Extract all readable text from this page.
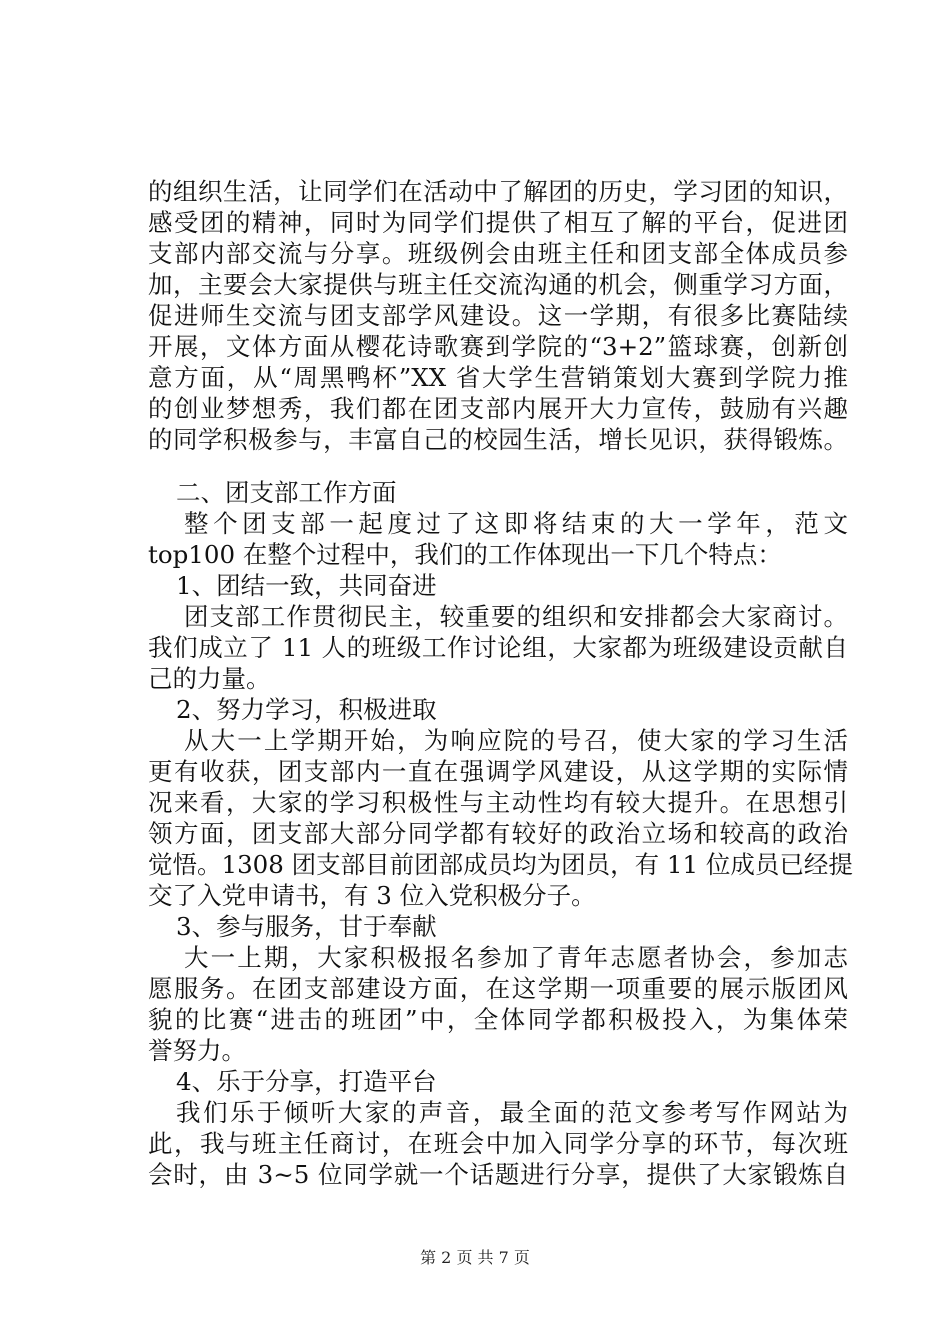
的组织生活，让同学们在活动中了解团的历史，学习团的知识，
感受团的精神，同时为同学们提供了相互了解的平台，促进团
支部内部交流与分享。班级例会由班主任和团支部全体成员参
加，主要会大家提供与班主任交流沟通的机会，侧重学习方面，
促进师生交流与团支部学风建设。这一学期，有很多比赛陆续
开展，文体方面从樱花诗歌赛到学院的“3+2”篮球赛，创新创
意方面，从“周黑鸭杯”XX 省大学生营销策划大赛到学院力推
的创业梦想秀，我们都在团支部内展开大力宣传，鼓励有兴趣
的同学积极参与，丰富自己的校园生活，增长见识，获得锻炼。
二、团支部工作方面
整个团支部一起度过了这即将结束的大一学年，范文
top100 在整个过程中，我们的工作体现出一下几个特点：
1、团结一致，共同奋进
团支部工作贯彻民主，较重要的组织和安排都会大家商讨。
我们成立了 11 人的班级工作讨论组，大家都为班级建设贡献自
己的力量。
2、努力学习，积极进取
从大一上学期开始，为响应院的号召，使大家的学习生活
更有收获，团支部内一直在强调学风建设，从这学期的实际情
况来看，大家的学习积极性与主动性均有较大提升。在思想引
领方面，团支部大部分同学都有较好的政治立场和较高的政治
觉悟。1308 团支部目前团部成员均为团员，有 11 位成员已经提
交了入党申请书，有 3 位入党积极分子。
3、参与服务，甘于奉献
大一上期，大家积极报名参加了青年志愿者协会，参加志
愿服务。在团支部建设方面，在这学期一项重要的展示版团风
貌的比赛“进击的班团”中，全体同学都积极投入，为集体荣
誉努力。
4、乐于分享，打造平台
我们乐于倾听大家的声音，最全面的范文参考写作网站为
此，我与班主任商讨，在班会中加入同学分享的环节，每次班
会时，由 3~5 位同学就一个话题进行分享，提供了大家锻炼自
第 2 页 共 7 页
